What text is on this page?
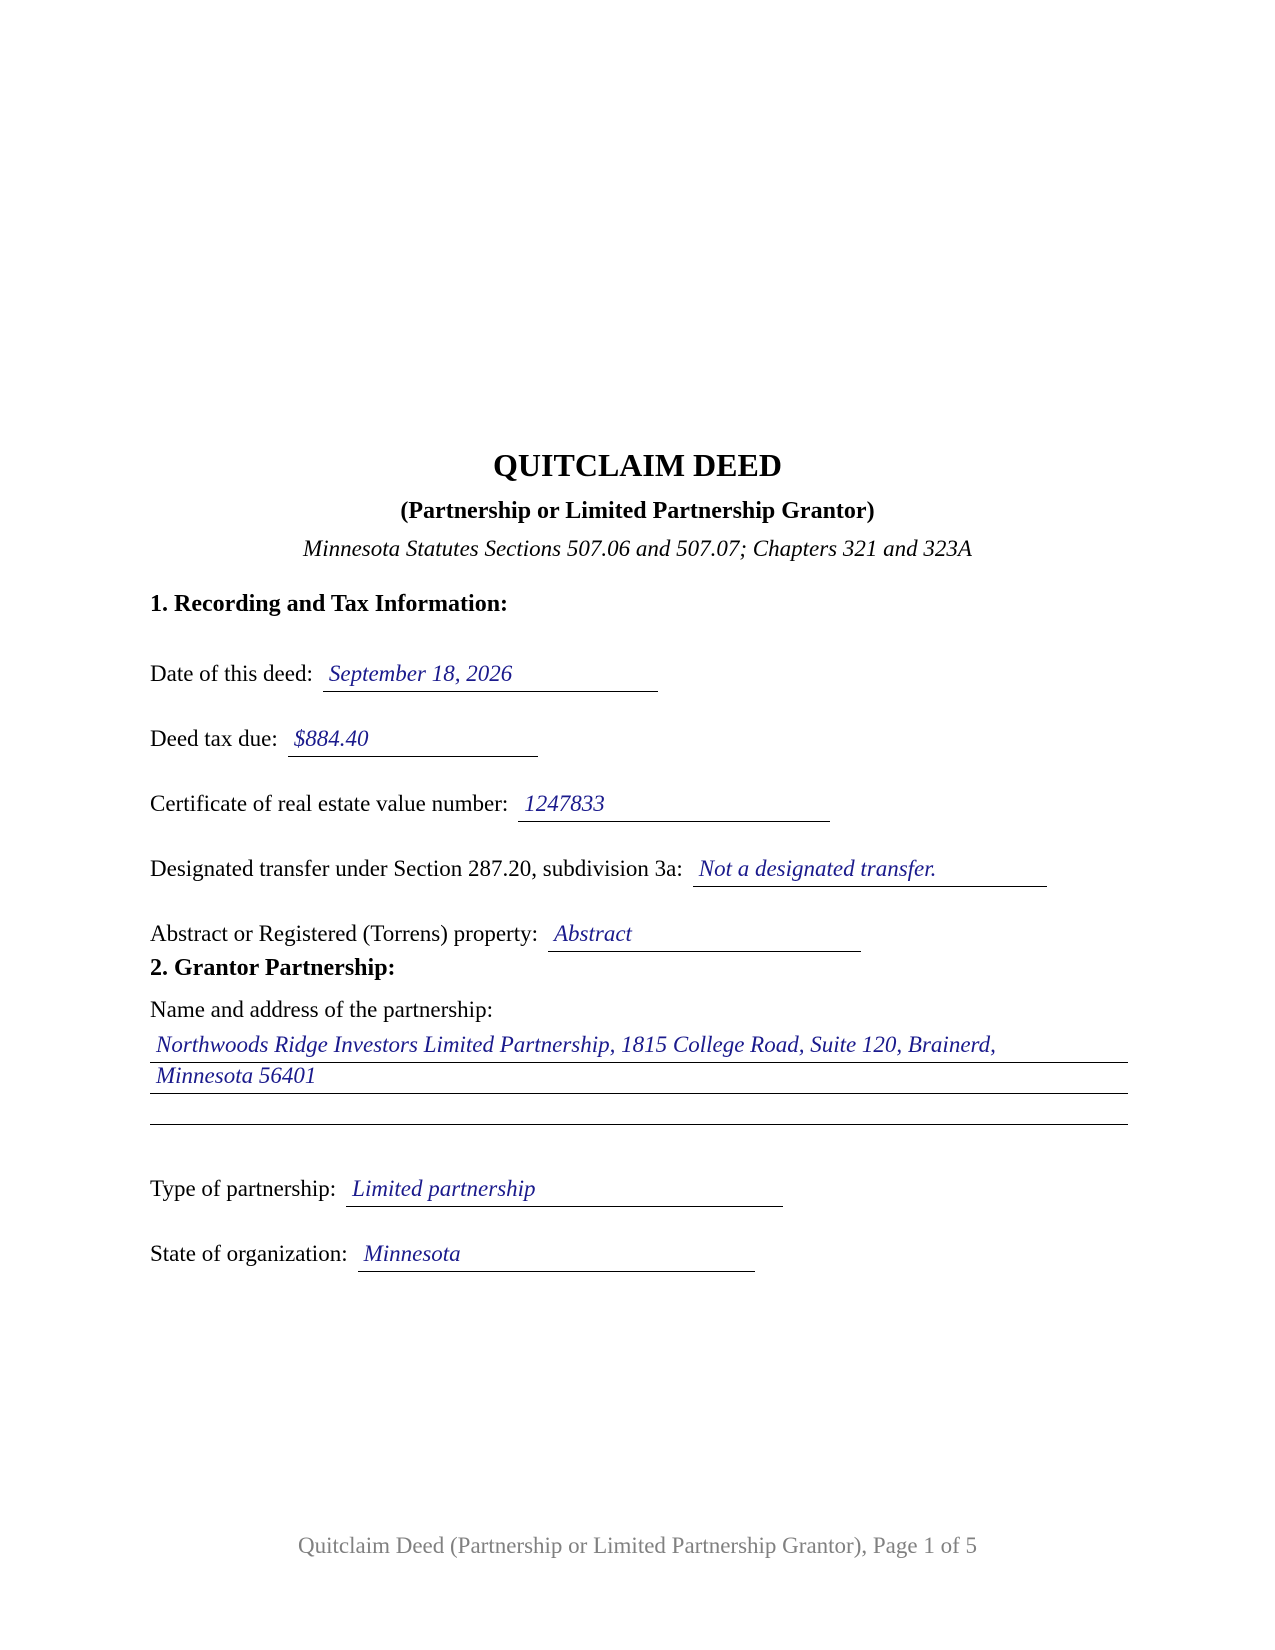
QUITCLAIM DEED
(Partnership or Limited Partnership Grantor)
Minnesota Statutes Sections 507.06 and 507.07; Chapters 321 and 323A
1. Recording and Tax Information:
Date of this deed: September 18, 2026
Deed tax due: $884.40
Certificate of real estate value number: 1247833
Designated transfer under Section 287.20, subdivision 3a: Not a designated transfer.
Abstract or Registered (Torrens) property: Abstract
2. Grantor Partnership:
Name and address of the partnership:
Northwoods Ridge Investors Limited Partnership, 1815 College Road, Suite 120, Brainerd,
Minnesota 56401
Type of partnership: Limited partnership
State of organization: Minnesota
Quitclaim Deed (Partnership or Limited Partnership Grantor), Page 1 of 5
